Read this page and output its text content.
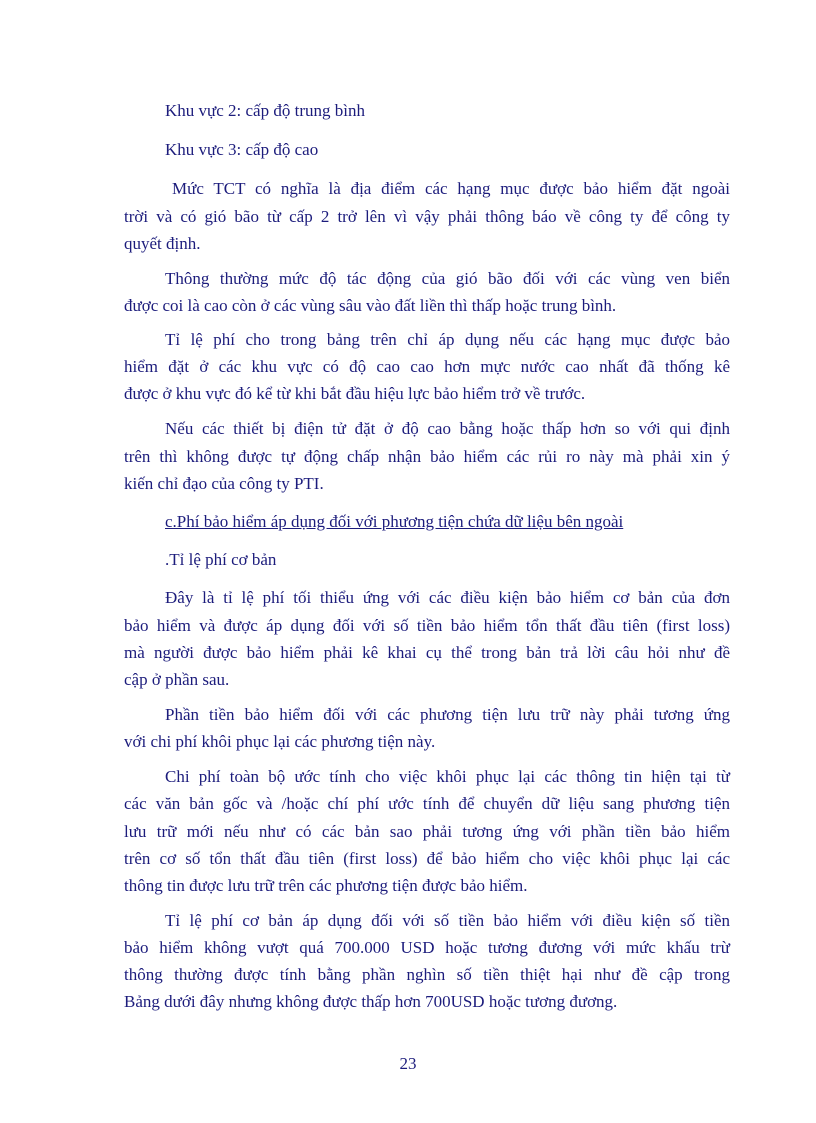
Khu vực 2: cấp độ trung bình
Khu vực 3: cấp độ cao
Mức TCT có nghĩa là địa điểm các hạng mục được bảo hiểm đặt ngoài
trời và có gió bão từ cấp 2 trở lên vì vậy phải thông báo về công ty để công ty
quyết định.
Thông thường mức độ tác động của gió bão đối với các vùng ven biển
được coi là cao còn ở các vùng sâu vào đất liền thì thấp hoặc trung bình.
Tỉ lệ phí cho trong bảng trên chỉ áp dụng nếu các hạng mục được bảo
hiểm đặt ở các khu vực có độ cao cao hơn mực nước cao nhất đã thống kê
được ở khu vực đó kể từ khi bắt đầu hiệu lực bảo hiểm trở về trước.
Nếu các thiết bị điện tử đặt ở độ cao bằng hoặc thấp hơn so với qui định
trên thì không được tự động chấp nhận bảo hiểm các rủi ro này mà phải xin ý
kiến chỉ đạo của công ty PTI.
c.Phí bảo hiểm áp dụng đối với phương tiện chứa dữ liệu bên ngoài
.Tỉ lệ phí cơ bản
Đây là tỉ lệ phí tối thiểu ứng với các điều kiện bảo hiểm cơ bản của đơn
bảo hiểm và được áp dụng đối với số tiền bảo hiểm tổn thất đầu tiên (first loss)
mà người được bảo hiểm phải kê khai cụ thể trong bản trả lời câu hỏi như đề
cập ở phần sau.
Phần tiền bảo hiểm đối với các phương tiện lưu trữ này phải tương ứng
với chi phí khôi phục lại các phương tiện này.
Chi phí toàn bộ ước tính cho việc khôi phục lại các thông tin hiện tại từ
các văn bản gốc và /hoặc chí phí ước tính để chuyển dữ liệu sang phương tiện
lưu trữ mới nếu như có các bản sao phải tương ứng với phần tiền bảo hiểm
trên cơ số tổn thất đầu tiên (first loss) để bảo hiểm cho việc khôi phục lại các
thông tin được lưu trữ trên các phương tiện được bảo hiểm.
Tỉ lệ phí cơ bản áp dụng đối với số tiền bảo hiểm với điều kiện số tiền
bảo hiểm không vượt quá 700.000 USD hoặc tương đương với mức khấu trừ
thông thường được tính bằng phần nghìn số tiền thiệt hại như đề cập trong
Bảng dưới đây nhưng không được thấp hơn 700USD hoặc tương đương.
23
